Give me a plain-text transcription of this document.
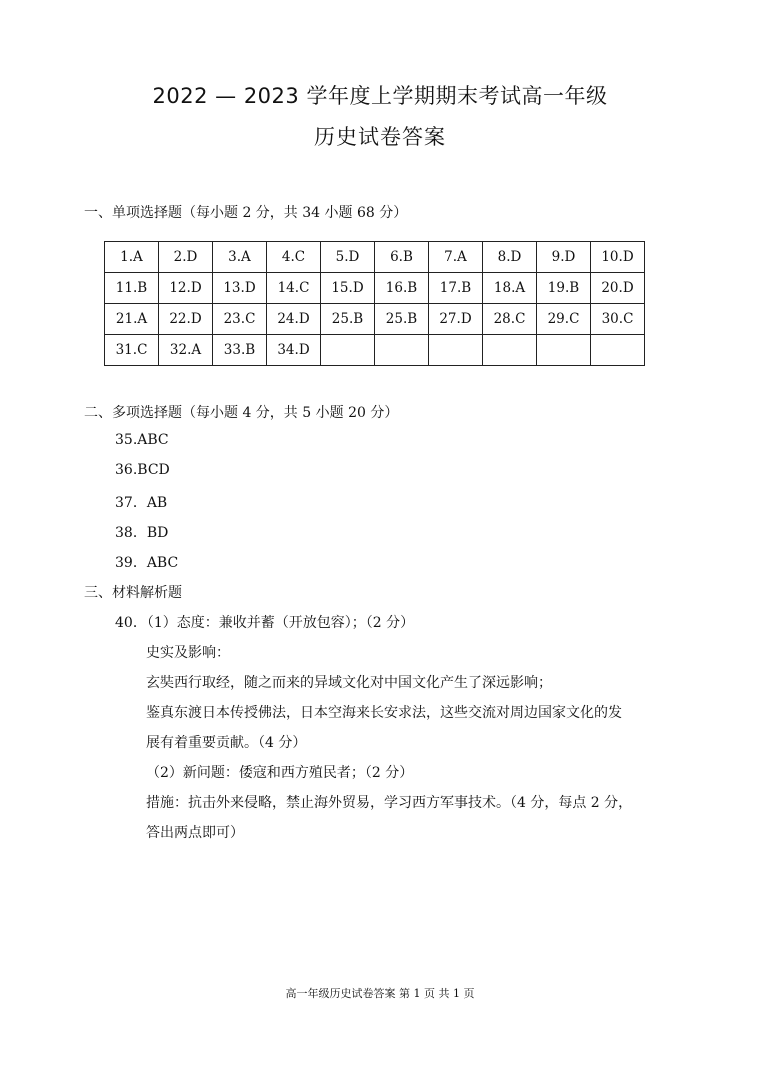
2022 — 2023 学年度上学期期末考试高一年级
历史试卷答案
一、单项选择题（每小题 2 分，共 34 小题 68 分）
1.A	2.D	3.A	4.C	5.D	6.B	7.A	8.D	9.D	10.D
11.B	12.D	13.D	14.C	15.D	16.B	17.B	18.A	19.B	20.D
21.A	22.D	23.C	24.D	25.B	25.B	27.D	28.C	29.C	30.C
31.C	32.A	33.B	34.D						
二、多项选择题（每小题 4 分，共 5 小题 20 分）
35.ABC
36.BCD
37．AB
38．BD
39．ABC
三、材料解析题
40．（1）态度：兼收并蓄（开放包容）；（2 分）
史实及影响：
玄奘西行取经，随之而来的异域文化对中国文化产生了深远影响；
鉴真东渡日本传授佛法，日本空海来长安求法，这些交流对周边国家文化的发
展有着重要贡献。（4 分）
（2）新问题：倭寇和西方殖民者；（2 分）
措施：抗击外来侵略，禁止海外贸易，学习西方军事技术。（4 分，每点 2 分，
答出两点即可）
高一年级历史试卷答案 第 1 页 共 1 页
